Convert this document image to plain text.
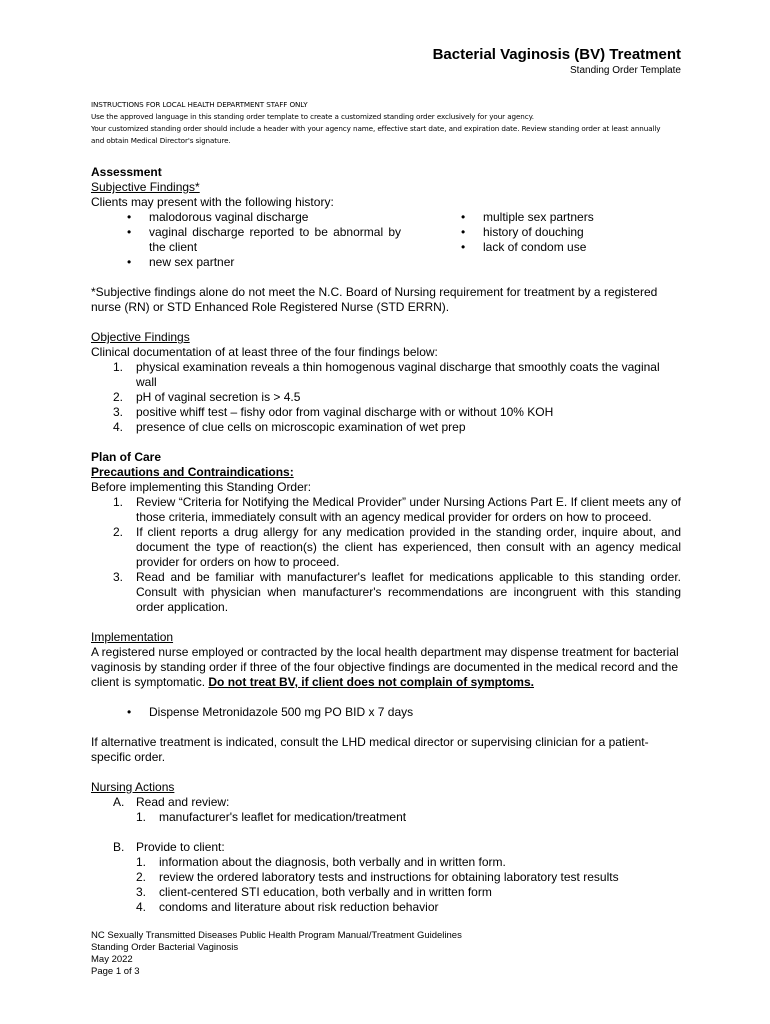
Bacterial Vaginosis (BV) Treatment
Standing Order Template
INSTRUCTIONS FOR LOCAL HEALTH DEPARTMENT STAFF ONLY
Use the approved language in this standing order template to create a customized standing order exclusively for your agency.
Your customized standing order should include a header with your agency name, effective start date, and expiration date. Review standing order at least annually
and obtain Medical Director's signature.
Assessment
Subjective Findings*
Clients may present with the following history:
• malodorous vaginal discharge
• vaginal discharge reported to be abnormal by the client
• new sex partner
• multiple sex partners
• history of douching
• lack of condom use
*Subjective findings alone do not meet the N.C. Board of Nursing requirement for treatment by a registered nurse (RN) or STD Enhanced Role Registered Nurse (STD ERRN).
Objective Findings
Clinical documentation of at least three of the four findings below:
1. physical examination reveals a thin homogenous vaginal discharge that smoothly coats the vaginal wall
2. pH of vaginal secretion is > 4.5
3. positive whiff test – fishy odor from vaginal discharge with or without 10% KOH
4. presence of clue cells on microscopic examination of wet prep
Plan of Care
Precautions and Contraindications:
Before implementing this Standing Order:
1. Review “Criteria for Notifying the Medical Provider” under Nursing Actions Part E. If client meets any of those criteria, immediately consult with an agency medical provider for orders on how to proceed.
2. If client reports a drug allergy for any medication provided in the standing order, inquire about, and document the type of reaction(s) the client has experienced, then consult with an agency medical provider for orders on how to proceed.
3. Read and be familiar with manufacturer's leaflet for medications applicable to this standing order. Consult with physician when manufacturer's recommendations are incongruent with this standing order application.
Implementation
A registered nurse employed or contracted by the local health department may dispense treatment for bacterial vaginosis by standing order if three of the four objective findings are documented in the medical record and the client is symptomatic. Do not treat BV, if client does not complain of symptoms.
• Dispense Metronidazole 500 mg PO BID x 7 days
If alternative treatment is indicated, consult the LHD medical director or supervising clinician for a patient-specific order.
Nursing Actions
A. Read and review:
1. manufacturer's leaflet for medication/treatment
B. Provide to client:
1. information about the diagnosis, both verbally and in written form.
2. review the ordered laboratory tests and instructions for obtaining laboratory test results
3. client-centered STI education, both verbally and in written form
4. condoms and literature about risk reduction behavior
NC Sexually Transmitted Diseases Public Health Program Manual/Treatment Guidelines
Standing Order Bacterial Vaginosis
May 2022
Page 1 of 3
